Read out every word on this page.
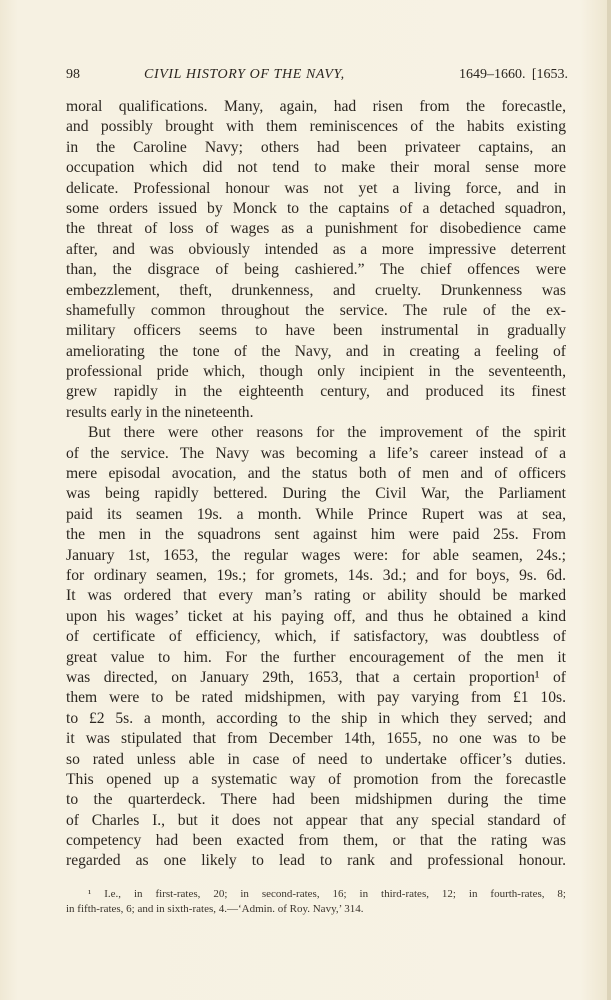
98	CIVIL HISTORY OF THE NAVY,	1649–1660. [1653.
moral qualifications. Many, again, had risen from the forecastle,
and possibly brought with them reminiscences of the habits existing
in the Caroline Navy; others had been privateer captains, an
occupation which did not tend to make their moral sense more
delicate. Professional honour was not yet a living force, and in
some orders issued by Monck to the captains of a detached squadron,
the threat of loss of wages as a punishment for disobedience came
after, and was obviously intended as a more impressive deterrent
than, the disgrace of being cashiered.” The chief offences were
embezzlement, theft, drunkenness, and cruelty. Drunkenness was
shamefully common throughout the service. The rule of the ex-
military officers seems to have been instrumental in gradually
ameliorating the tone of the Navy, and in creating a feeling of
professional pride which, though only incipient in the seventeenth,
grew rapidly in the eighteenth century, and produced its finest
results early in the nineteenth.
But there were other reasons for the improvement of the spirit
of the service. The Navy was becoming a life’s career instead of a
mere episodal avocation, and the status both of men and of officers
was being rapidly bettered. During the Civil War, the Parliament
paid its seamen 19s. a month. While Prince Rupert was at sea,
the men in the squadrons sent against him were paid 25s. From
January 1st, 1653, the regular wages were: for able seamen, 24s.;
for ordinary seamen, 19s.; for gromets, 14s. 3d.; and for boys, 9s. 6d.
It was ordered that every man’s rating or ability should be marked
upon his wages’ ticket at his paying off, and thus he obtained a kind
of certificate of efficiency, which, if satisfactory, was doubtless of
great value to him. For the further encouragement of the men it
was directed, on January 29th, 1653, that a certain proportion¹ of
them were to be rated midshipmen, with pay varying from £1 10s.
to £2 5s. a month, according to the ship in which they served; and
it was stipulated that from December 14th, 1655, no one was to be
so rated unless able in case of need to undertake officer’s duties.
This opened up a systematic way of promotion from the forecastle
to the quarterdeck. There had been midshipmen during the time
of Charles I., but it does not appear that any special standard of
competency had been exacted from them, or that the rating was
regarded as one likely to lead to rank and professional honour.
¹ I.e., in first-rates, 20; in second-rates, 16; in third-rates, 12; in fourth-rates, 8;
in fifth-rates, 6; and in sixth-rates, 4.—‘Admin. of Roy. Navy,’ 314.
